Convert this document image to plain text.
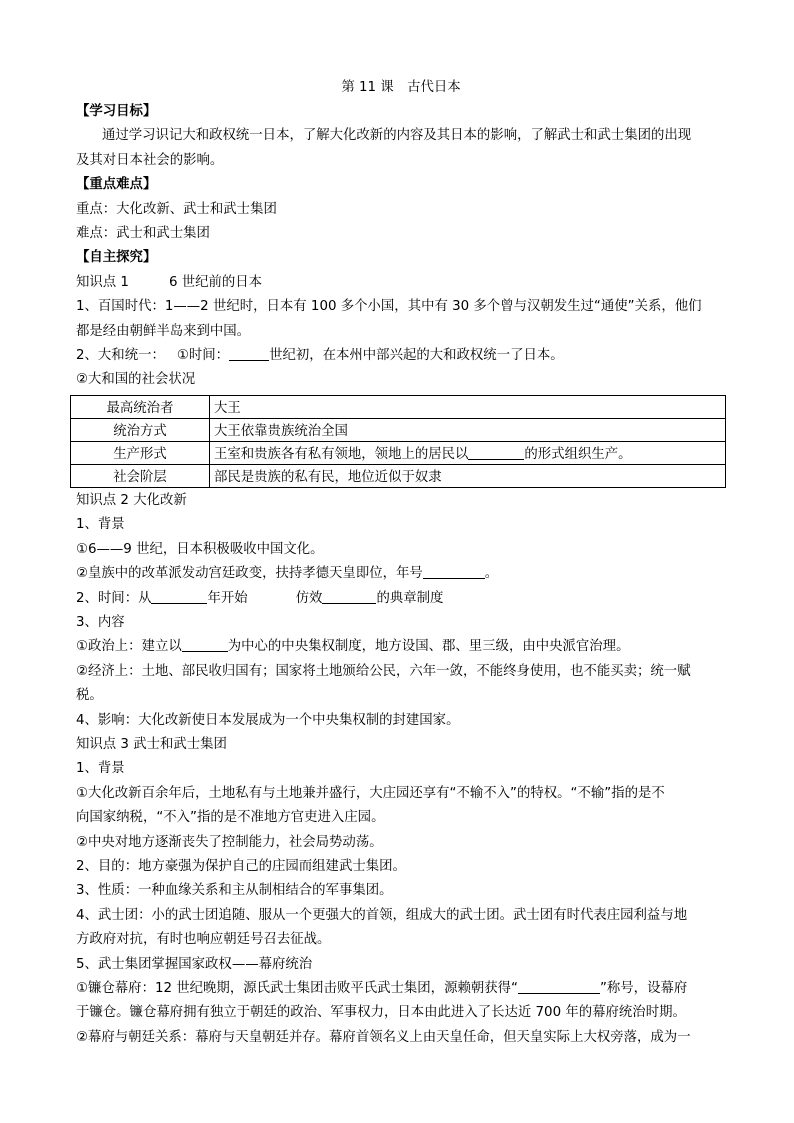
第 11 课　古代日本
【学习目标】
通过学习识记大和政权统一日本，了解大化改新的内容及其日本的影响，了解武士和武士集团的出现
及其对日本社会的影响。
【重点难点】
重点：大化改新、武士和武士集团
难点：武士和武士集团
【自主探究】
知识点 1	6 世纪前的日本
1、百国时代：1——2 世纪时，日本有 100 多个小国，其中有 30 多个曾与汉朝发生过“通使”关系，他们
都是经由朝鲜半岛来到中国。
2、大和统一： ①时间：	世纪初，在本州中部兴起的大和政权统一了日本。
②大和国的社会状况
最高统治者	大王
统治方式	大王依靠贵族统治全国
生产形式	王室和贵族各有私有领地，领地上的居民以 的形式组织生产。
社会阶层	部民是贵族的私有民，地位近似于奴隶
知识点 2 大化改新
1、背景
①6——9 世纪，日本积极吸收中国文化。
②皇族中的改革派发动宫廷政变，扶持孝德天皇即位，年号	。
2、时间：从	年开始	仿效	的典章制度
3、内容
①政治上：建立以	为中心的中央集权制度，地方设国、郡、里三级，由中央派官治理。
②经济上：土地、部民收归国有；国家将土地颁给公民，六年一敛，不能终身使用，也不能买卖；统一赋
税。
4、影响：大化改新使日本发展成为一个中央集权制的封建国家。
知识点 3 武士和武士集团
1、背景
①大化改新百余年后，土地私有与土地兼并盛行，大庄园还享有“不输不入”的特权。“不输”指的是不
向国家纳税，“不入”指的是不准地方官吏进入庄园。
②中央对地方逐渐丧失了控制能力，社会局势动荡。
2、目的：地方豪强为保护自己的庄园而组建武士集团。
3、性质：一种血缘关系和主从制相结合的军事集团。
4、武士团：小的武士团追随、服从一个更强大的首领，组成大的武士团。武士团有时代表庄园利益与地
方政府对抗，有时也响应朝廷号召去征战。
5、武士集团掌握国家政权——幕府统治
①镰仓幕府：12 世纪晚期，源氏武士集团击败平氏武士集团，源赖朝获得“	”称号，设幕府
于镰仓。镰仓幕府拥有独立于朝廷的政治、军事权力，日本由此进入了长达近 700 年的幕府统治时期。
②幕府与朝廷关系：幕府与天皇朝廷并存。幕府首领名义上由天皇任命，但天皇实际上大权旁落，成为一
